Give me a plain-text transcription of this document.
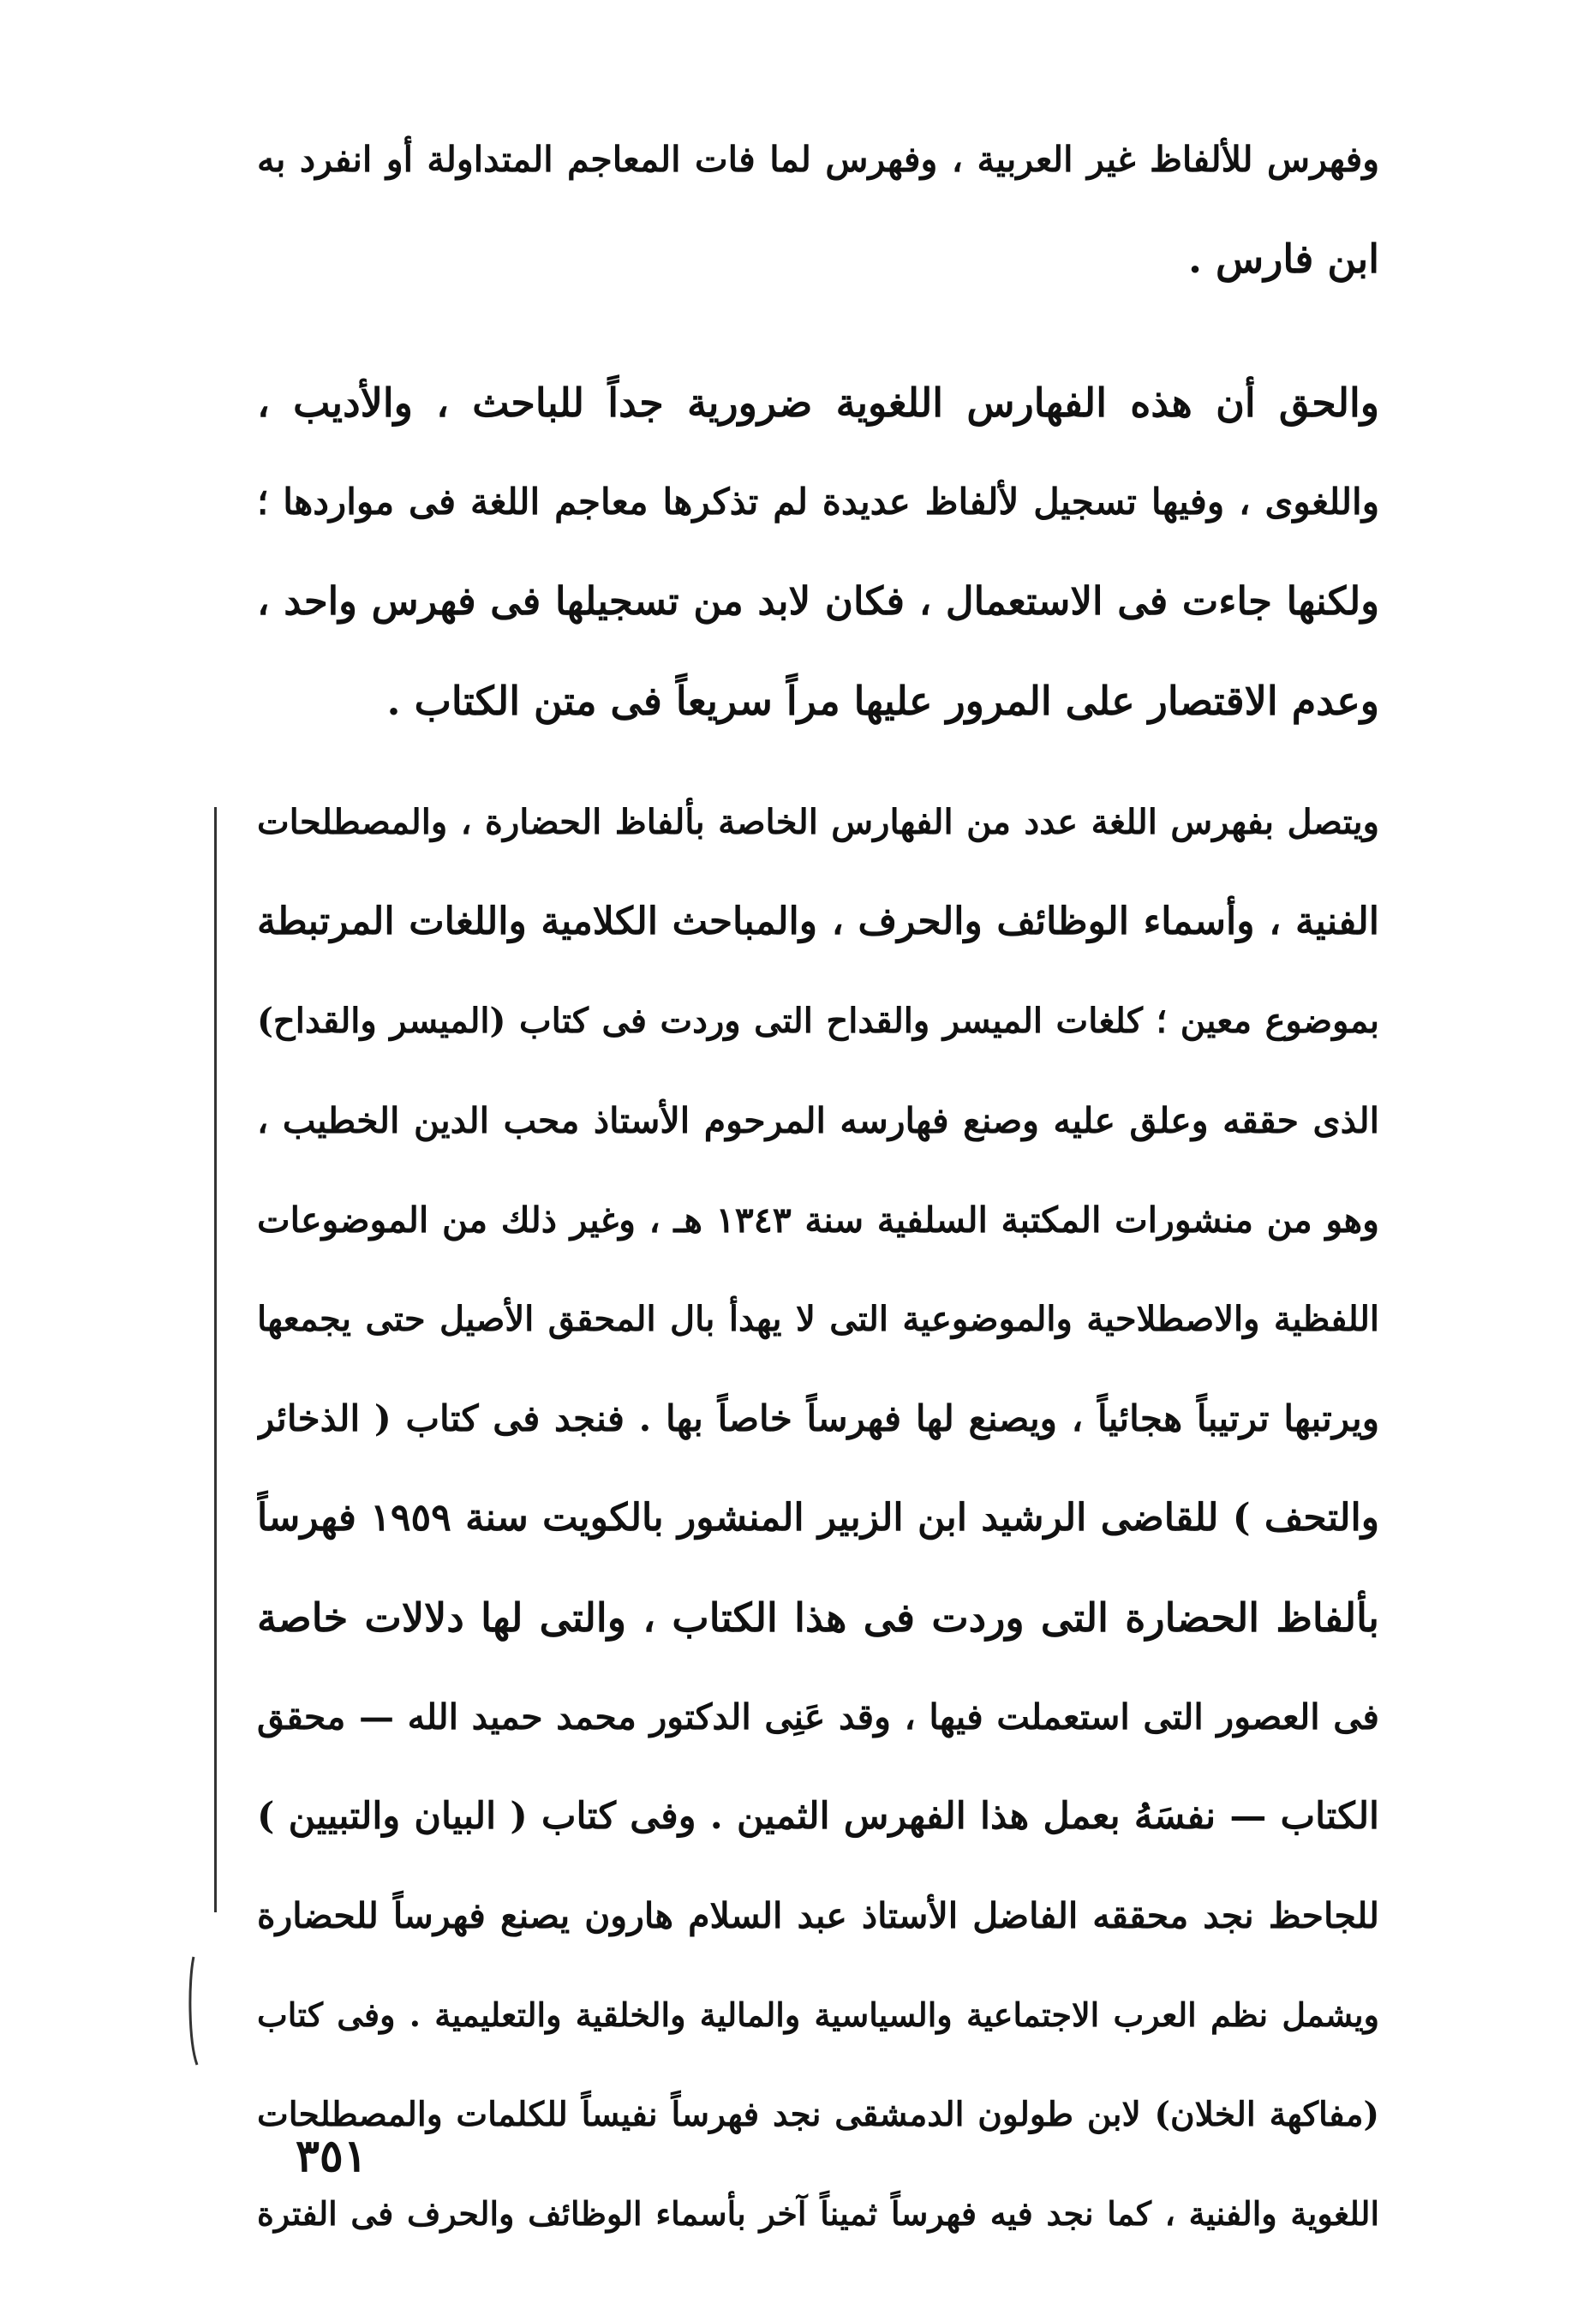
وفهرس للألفاظ غير العربية ، وفهرس لما فات المعاجم المتداولة أو انفرد به
ابن فارس .
والحق أن هذه الفهارس اللغوية ضرورية جداً للباحث ، والأديب ،
واللغوى ، وفيها تسجيل لألفاظ عديدة لم تذكرها معاجم اللغة فى مواردها ؛
ولكنها جاءت فى الاستعمال ، فكان لابد من تسجيلها فى فهرس واحد ،
وعدم الاقتصار على المرور عليها مراً سريعاً فى متن الكتاب .
ويتصل بفهرس اللغة عدد من الفهارس الخاصة بألفاظ الحضارة ، والمصطلحات
الفنية ، وأسماء الوظائف والحرف ، والمباحث الكلامية واللغات المرتبطة
بموضوع معين ؛ كلغات الميسر والقداح التى وردت فى كتاب (الميسر والقداح)
الذى حققه وعلق عليه وصنع فهارسه المرحوم الأستاذ محب الدين الخطيب ،
وهو من منشورات المكتبة السلفية سنة ١٣٤٣ هـ ، وغير ذلك من الموضوعات
اللفظية والاصطلاحية والموضوعية التى لا يهدأ بال المحقق الأصيل حتى يجمعها
ويرتبها ترتيباً هجائياً ، ويصنع لها فهرساً خاصاً بها . فنجد فى كتاب ( الذخائر
والتحف ) للقاضى الرشيد ابن الزبير المنشور بالكويت سنة ١٩٥٩ فهرساً
بألفاظ الحضارة التى وردت فى هذا الكتاب ، والتى لها دلالات خاصة
فى العصور التى استعملت فيها ، وقد عَنِى الدكتور محمد حميد الله — محقق
الكتاب — نفسَهُ بعمل هذا الفهرس الثمين . وفى كتاب ( البيان والتبيين )
للجاحظ نجد محققه الفاضل الأستاذ عبد السلام هارون يصنع فهرساً للحضارة
ويشمل نظم العرب الاجتماعية والسياسية والمالية والخلقية والتعليمية . وفى كتاب
(مفاكهة الخلان) لابن طولون الدمشقى نجد فهرساً نفيساً للكلمات والمصطلحات
اللغوية والفنية ، كما نجد فيه فهرساً ثميناً آخر بأسماء الوظائف والحرف فى الفترة
٣٥١
